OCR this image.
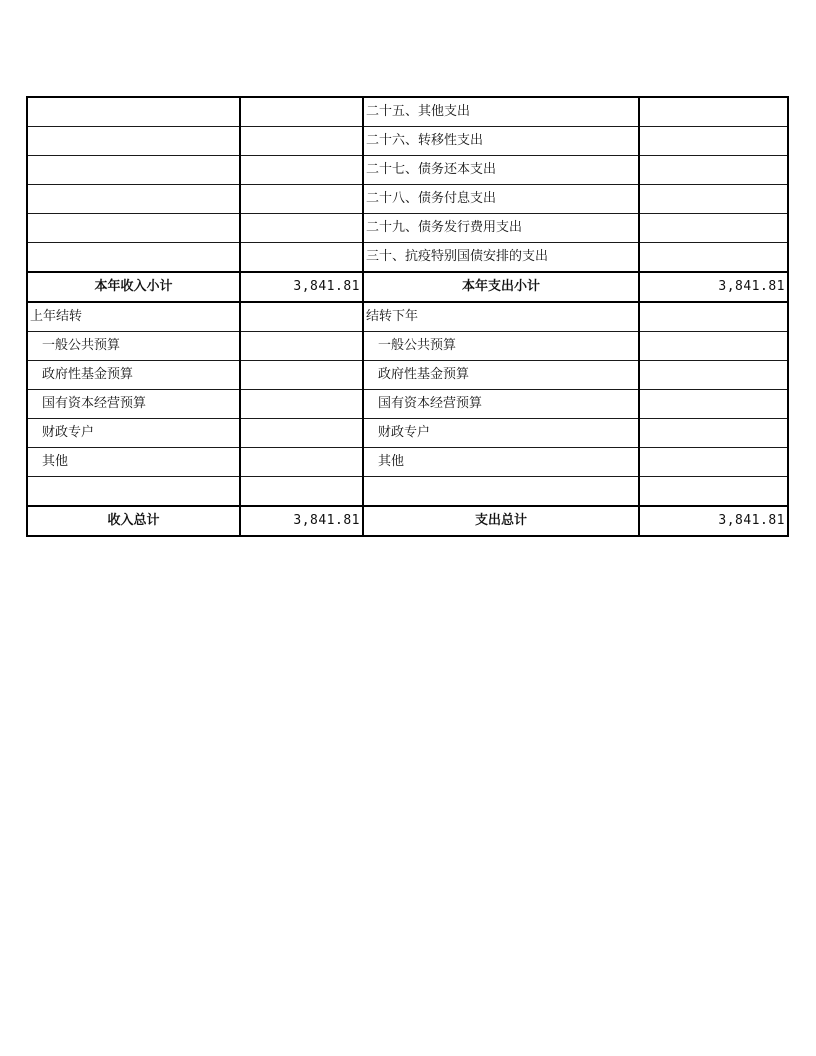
		二十五、其他支出	
		二十六、转移性支出	
		二十七、债务还本支出	
		二十八、债务付息支出	
		二十九、债务发行费用支出	
		三十、抗疫特别国债安排的支出	
本年收入小计	3,841.81	本年支出小计	3,841.81
上年结转		结转下年	
一般公共预算		一般公共预算	
政府性基金预算		政府性基金预算	
国有资本经营预算		国有资本经营预算	
财政专户		财政专户	
其他		其他	

收入总计	3,841.81	支出总计	3,841.81
